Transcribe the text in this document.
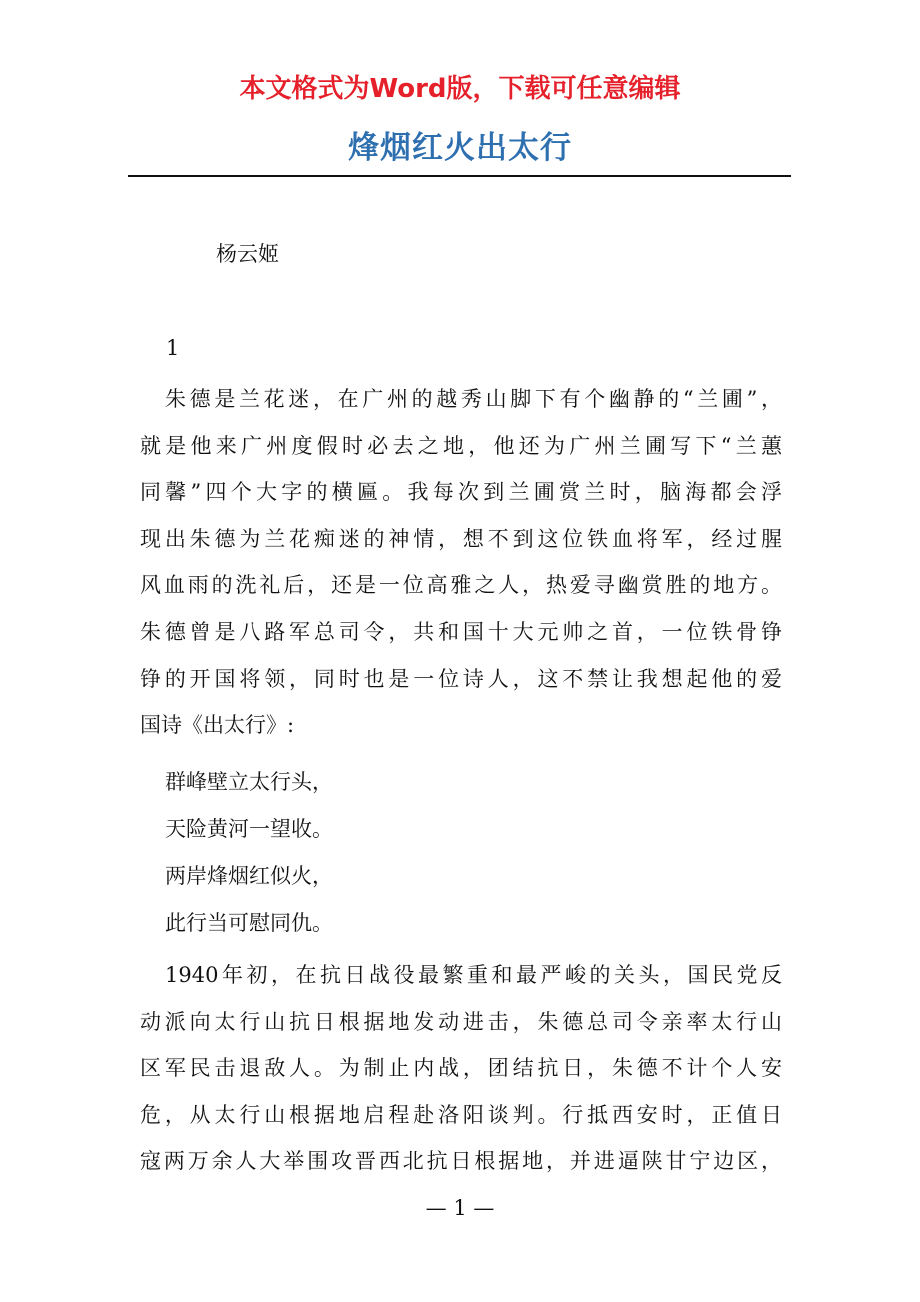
本文格式为Word版，下载可任意编辑
烽烟红火出太行
杨云姬
1
朱德是兰花迷，在广州的越秀山脚下有个幽静的“兰圃”，
就是他来广州度假时必去之地，他还为广州兰圃写下“兰蕙
同馨”四个大字的横匾。我每次到兰圃赏兰时，脑海都会浮
现出朱德为兰花痴迷的神情，想不到这位铁血将军，经过腥
风血雨的洗礼后，还是一位高雅之人，热爱寻幽赏胜的地方。
朱德曾是八路军总司令，共和国十大元帅之首，一位铁骨铮
铮的开国将领，同时也是一位诗人，这不禁让我想起他的爱
国诗《出太行》:
群峰壁立太行头，
天险黄河一望收。
两岸烽烟红似火，
此行当可慰同仇。
1940年初，在抗日战役最繁重和最严峻的关头，国民党反
动派向太行山抗日根据地发动进击，朱德总司令亲率太行山
区军民击退敌人。为制止内战，团结抗日，朱德不计个人安
危，从太行山根据地启程赴洛阳谈判。行抵西安时，正值日
寇两万余人大举围攻晋西北抗日根据地，并进逼陕甘宁边区，
— 1 —
